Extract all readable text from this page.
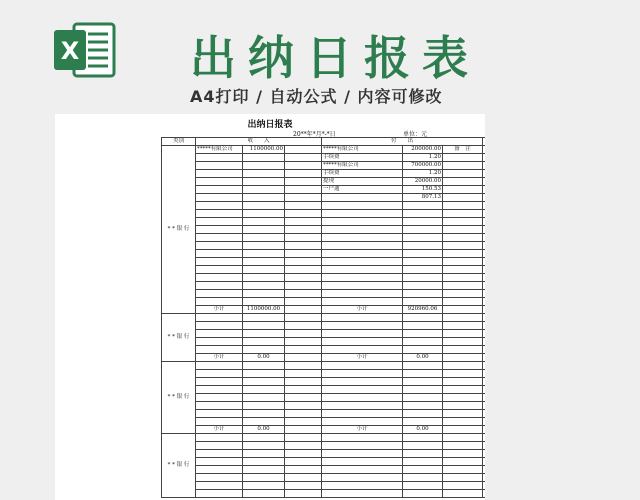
X 出纳日报表
A4打印 / 自动公式 / 内容可修改
出纳日报表
20**年*月*-*日	单位：元
类别	收　　入			付　　出			
* * 银 行	*****有限公司	1100000.00		*****有限公司	200000.00	备　注	
				手续费	1.20		
				*****有限公司	700000.00		
				手续费	1.20		
				提现	20000.00		
				一户通	150.53		
					807.13		

	小计	1100000.00		小计	920960.06		
* * 银 行							

	小计	0.00		小计	0.00		
* * 银 行							

	小计	0.00		小计	0.00		
* * 银 行							
